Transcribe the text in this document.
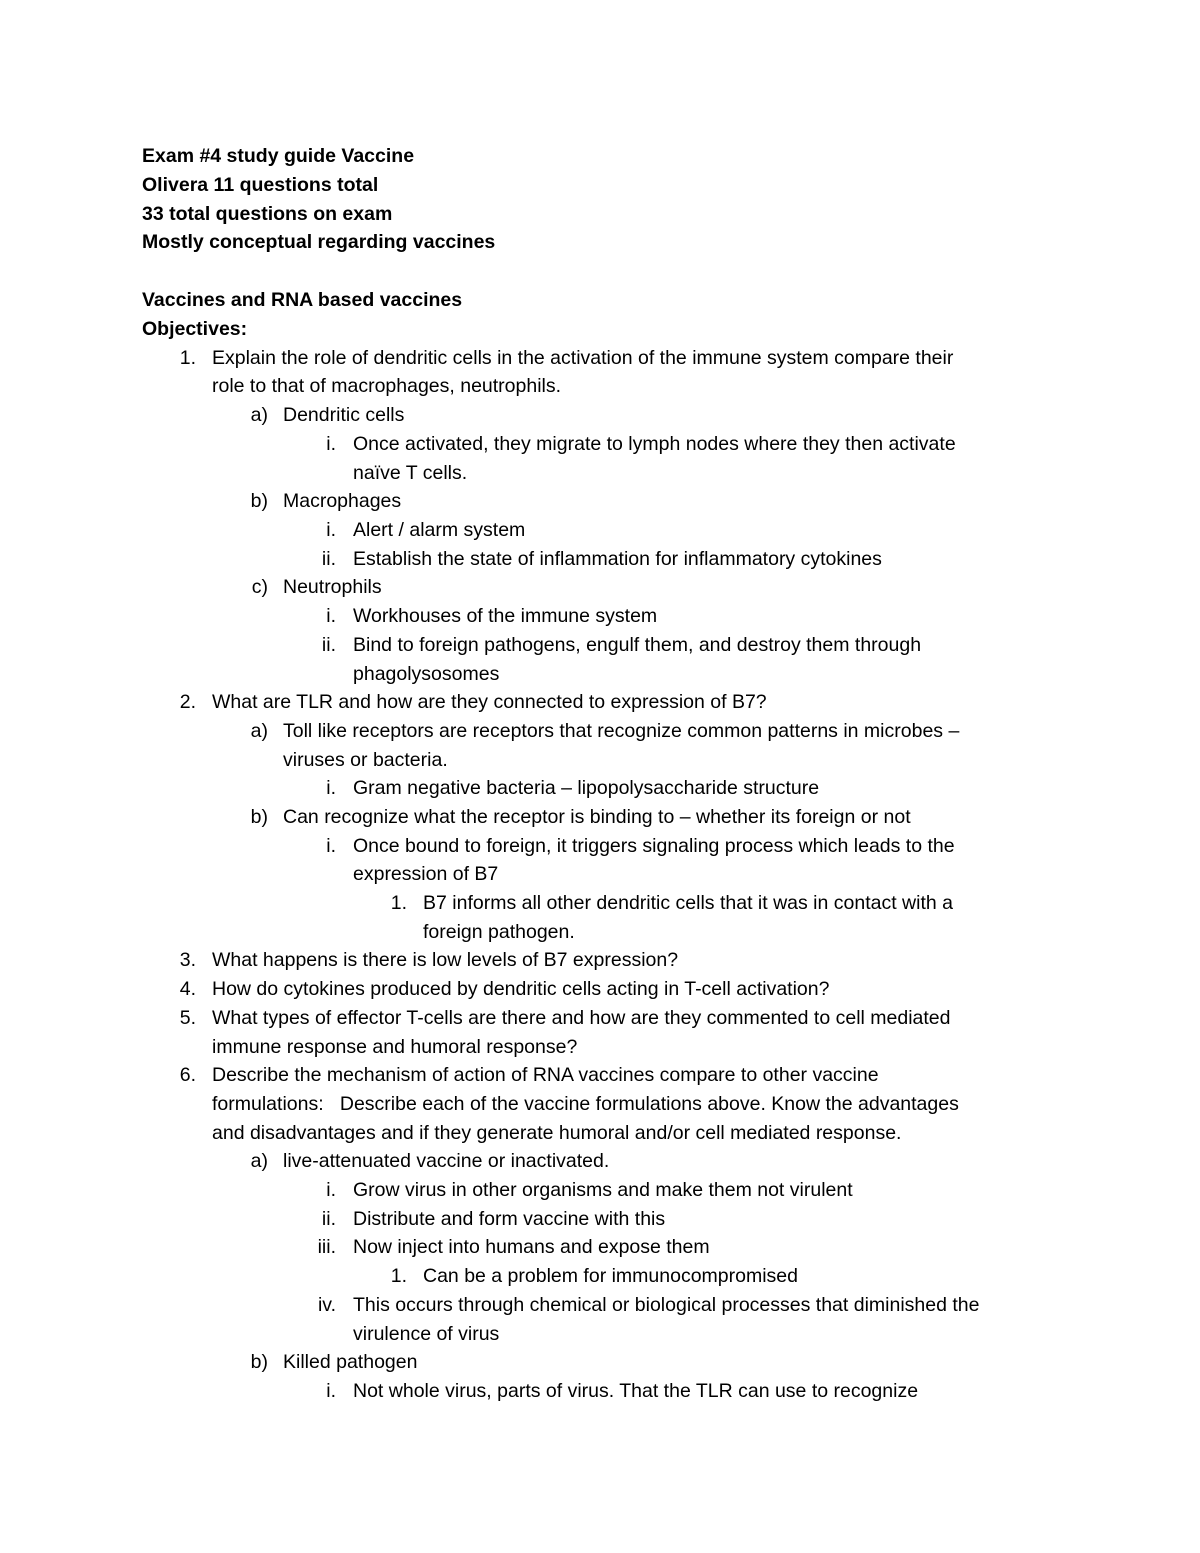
Exam #4 study guide Vaccine
Olivera 11 questions total
33 total questions on exam
Mostly conceptual regarding vaccines
Vaccines and RNA based vaccines
Objectives:
1. Explain the role of dendritic cells in the activation of the immune system compare their
role to that of macrophages, neutrophils.
a) Dendritic cells
i. Once activated, they migrate to lymph nodes where they then activate
naïve T cells.
b) Macrophages
i. Alert / alarm system
ii. Establish the state of inflammation for inflammatory cytokines
c) Neutrophils
i. Workhouses of the immune system
ii. Bind to foreign pathogens, engulf them, and destroy them through
phagolysosomes
2. What are TLR and how are they connected to expression of B7?
a) Toll like receptors are receptors that recognize common patterns in microbes –
viruses or bacteria.
i. Gram negative bacteria – lipopolysaccharide structure
b) Can recognize what the receptor is binding to – whether its foreign or not
i. Once bound to foreign, it triggers signaling process which leads to the
expression of B7
1. B7 informs all other dendritic cells that it was in contact with a
foreign pathogen.
3. What happens is there is low levels of B7 expression?
4. How do cytokines produced by dendritic cells acting in T-cell activation?
5. What types of effector T-cells are there and how are they commented to cell mediated
immune response and humoral response?
6. Describe the mechanism of action of RNA vaccines compare to other vaccine
formulations:   Describe each of the vaccine formulations above. Know the advantages
and disadvantages and if they generate humoral and/or cell mediated response.
a) live-attenuated vaccine or inactivated.
i. Grow virus in other organisms and make them not virulent
ii. Distribute and form vaccine with this
iii. Now inject into humans and expose them
1. Can be a problem for immunocompromised
iv. This occurs through chemical or biological processes that diminished the
virulence of virus
b) Killed pathogen
i. Not whole virus, parts of virus. That the TLR can use to recognize
